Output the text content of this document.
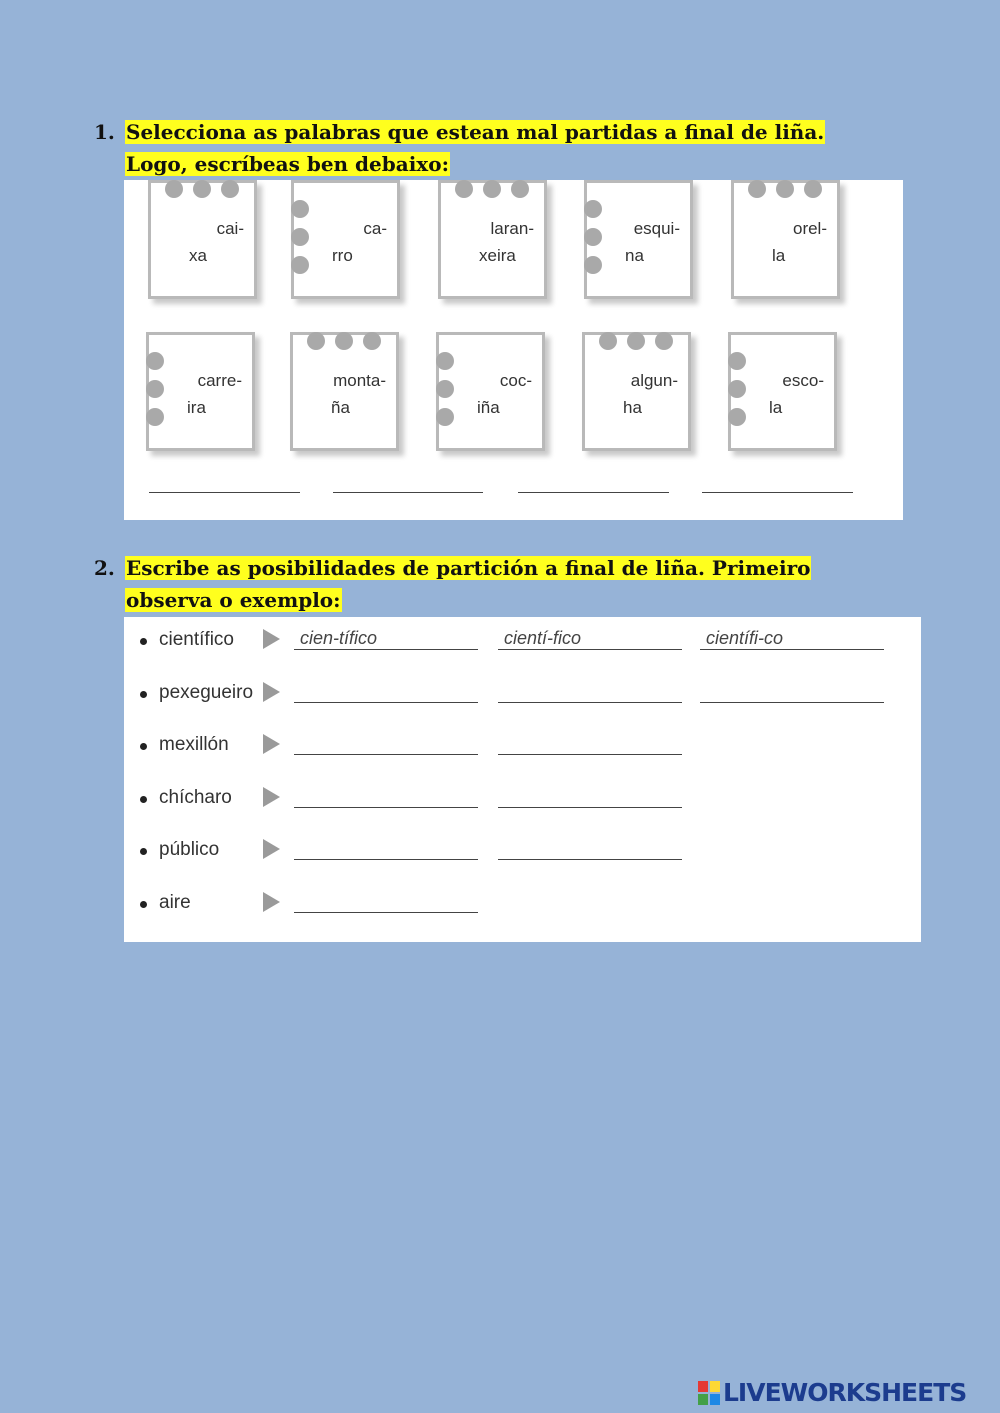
1. Selecciona as palabras que estean mal partidas a final de liña.
Logo, escríbeas ben debaixo:
cai-
xa
ca-
rro
laran-
xeira
esqui-
na
orel-
la
carre-
ira
monta-
ña
coc-
iña
algun-
ha
esco-
la
2. Escribe as posibilidades de partición a final de liña. Primeiro
observa o exemplo:
científico	cien-tífico	cientí-fico	científi-co
pexegueiro
mexillón
chícharo
público
aire
LIVEWORKSHEETS
